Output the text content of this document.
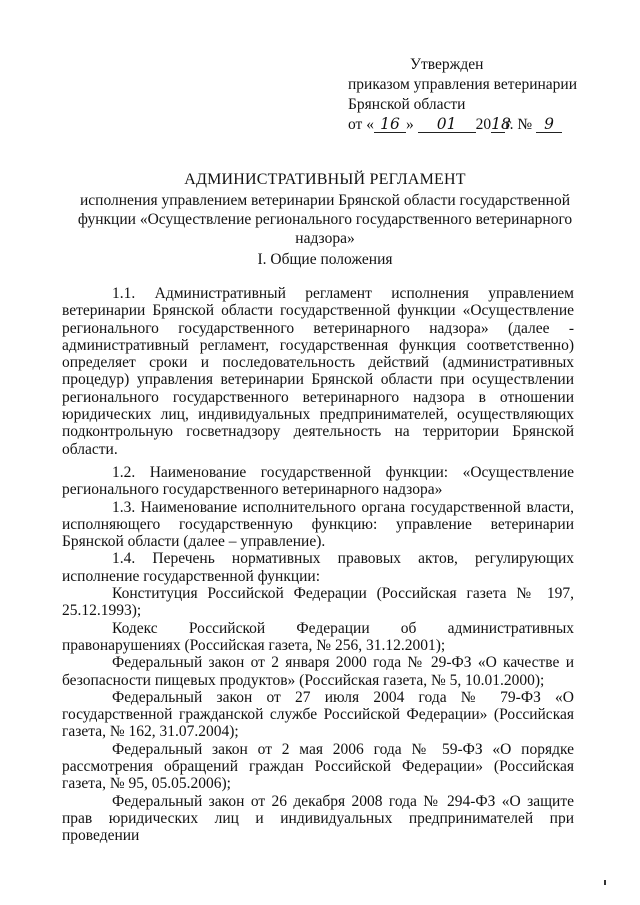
Утвержден
приказом управления ветеринарии
Брянской области
от « 16 » 01 2018г. № 9
АДМИНИСТРАТИВНЫЙ РЕГЛАМЕНТ
исполнения управлением ветеринарии Брянской области государственной функции «Осуществление регионального государственного ветеринарного надзора»
I. Общие положения

1.1. Административный регламент исполнения управлением ветеринарии Брянской области государственной функции «Осуществление регионального государственного ветеринарного надзора» (далее - административный регламент, государственная функция соответственно) определяет сроки и последовательность действий (административных процедур) управления ветеринарии Брянской области при осуществлении регионального государственного ветеринарного надзора в отношении юридических лиц, индивидуальных предпринимателей, осуществляющих подконтрольную госветнадзору деятельность на территории Брянской области.

1.2. Наименование государственной функции: «Осуществление регионального государственного ветеринарного надзора»

1.3. Наименование исполнительного органа государственной власти, исполняющего государственную функцию: управление ветеринарии Брянской области (далее – управление).

1.4. Перечень нормативных правовых актов, регулирующих исполнение государственной функции:

Конституция Российской Федерации (Российская газета № 197, 25.12.1993);

Кодекс Российской Федерации об административных правонарушениях (Российская газета, № 256, 31.12.2001);

Федеральный закон от 2 января 2000 года № 29-ФЗ «О качестве и безопасности пищевых продуктов» (Российская газета, № 5, 10.01.2000);

Федеральный закон от 27 июля 2004 года № 79-ФЗ «О государственной гражданской службе Российской Федерации» (Российская газета, № 162, 31.07.2004);

Федеральный закон от 2 мая 2006 года № 59-ФЗ «О порядке рассмотрения обращений граждан Российской Федерации» (Российская газета, № 95, 05.05.2006);

Федеральный закон от 26 декабря 2008 года № 294-ФЗ «О защите прав юридических лиц и индивидуальных предпринимателей при проведении
